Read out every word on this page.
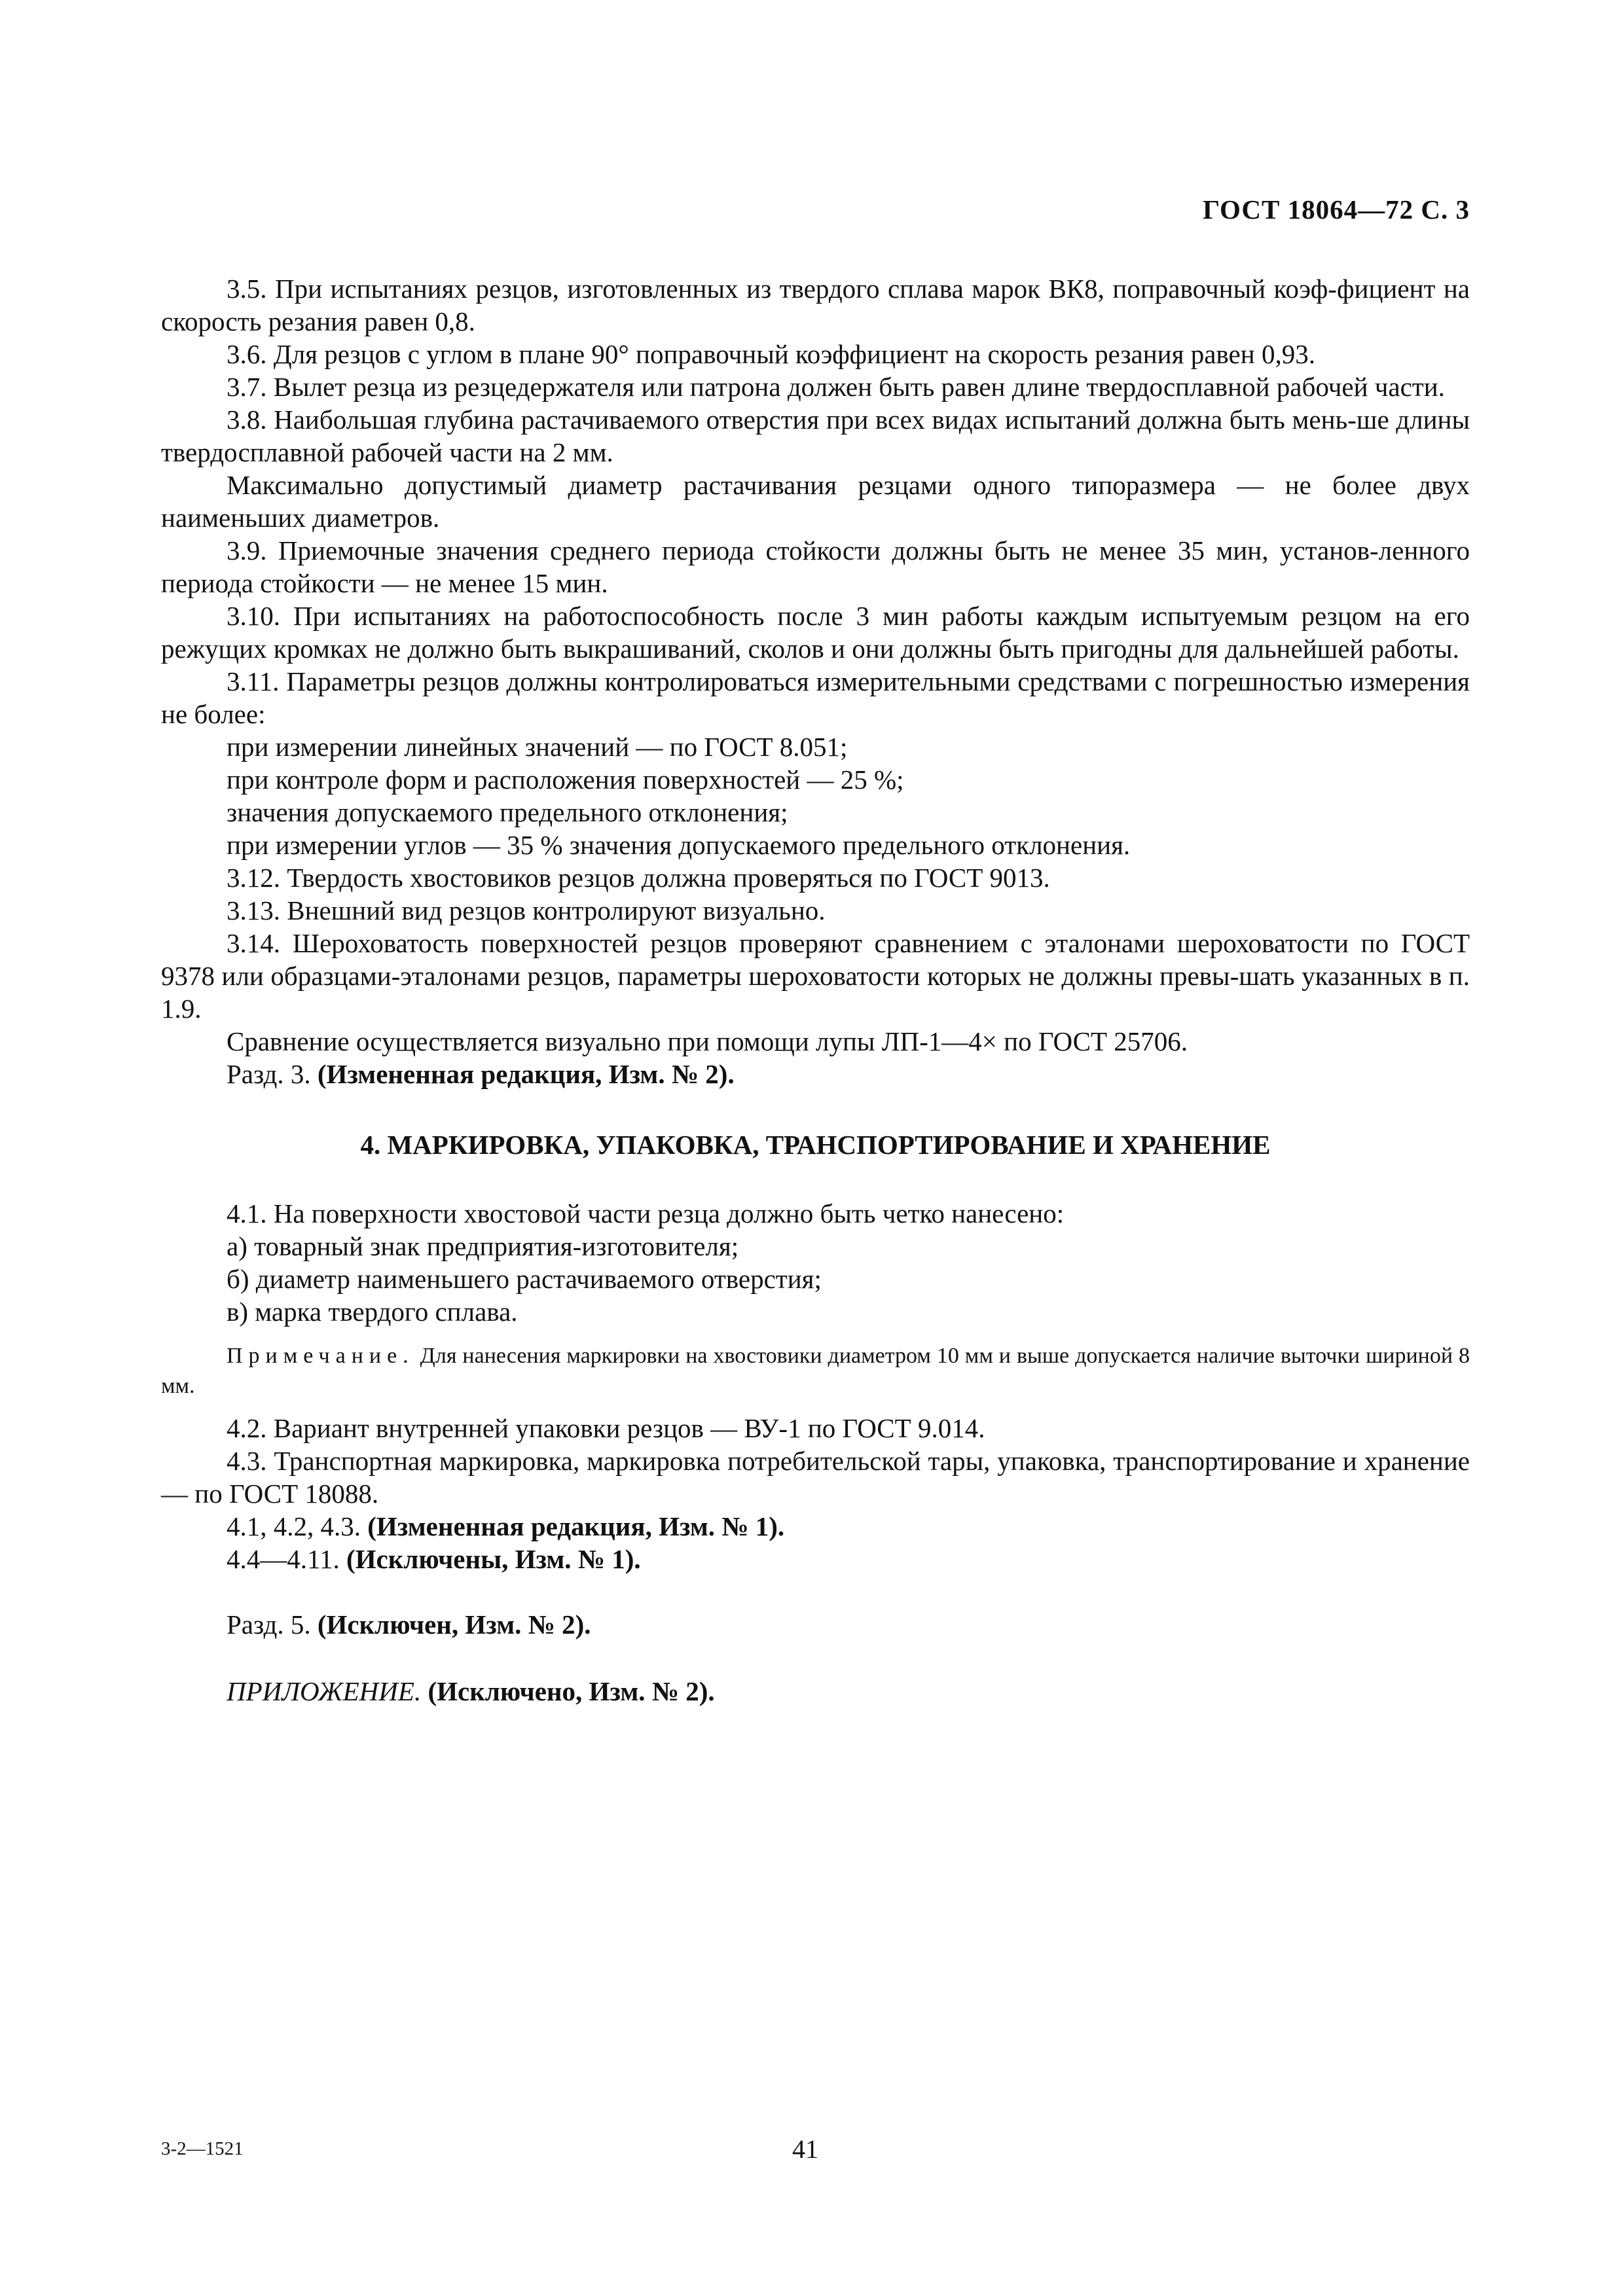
ГОСТ 18064—72 С. 3

3.5. При испытаниях резцов, изготовленных из твердого сплава марок ВК8, поправочный коэф-фициент на скорость резания равен 0,8.

3.6. Для резцов с углом в плане 90° поправочный коэффициент на скорость резания равен 0,93.

3.7. Вылет резца из резцедержателя или патрона должен быть равен длине твердосплавной рабочей части.

3.8. Наибольшая глубина растачиваемого отверстия при всех видах испытаний должна быть мень-ше длины твердосплавной рабочей части на 2 мм.

Максимально допустимый диаметр растачивания резцами одного типоразмера — не более двух наименьших диаметров.

3.9. Приемочные значения среднего периода стойкости должны быть не менее 35 мин, установ-ленного периода стойкости — не менее 15 мин.

3.10. При испытаниях на работоспособность после 3 мин работы каждым испытуемым резцом на его режущих кромках не должно быть выкрашиваний, сколов и они должны быть пригодны для дальнейшей работы.

3.11. Параметры резцов должны контролироваться измерительными средствами с погрешностью измерения не более:

при измерении линейных значений — по ГОСТ 8.051;

при контроле форм и расположения поверхностей — 25 %;

значения допускаемого предельного отклонения;

при измерении углов — 35 % значения допускаемого предельного отклонения.

3.12. Твердость хвостовиков резцов должна проверяться по ГОСТ 9013.

3.13. Внешний вид резцов контролируют визуально.

3.14. Шероховатость поверхностей резцов проверяют сравнением с эталонами шероховатости по ГОСТ 9378 или образцами-эталонами резцов, параметры шероховатости которых не должны превы-шать указанных в п. 1.9.

Сравнение осуществляется визуально при помощи лупы ЛП-1—4× по ГОСТ 25706.

Разд. 3. (Измененная редакция, Изм. № 2).

4. МАРКИРОВКА, УПАКОВКА, ТРАНСПОРТИРОВАНИЕ И ХРАНЕНИЕ

4.1. На поверхности хвостовой части резца должно быть четко нанесено:

а) товарный знак предприятия-изготовителя;

б) диаметр наименьшего растачиваемого отверстия;

в) марка твердого сплава.

Примечание. Для нанесения маркировки на хвостовики диаметром 10 мм и выше допускается наличие выточки шириной 8 мм.

4.2. Вариант внутренней упаковки резцов — ВУ-1 по ГОСТ 9.014.

4.3. Транспортная маркировка, маркировка потребительской тары, упаковка, транспортирование и хранение — по ГОСТ 18088.

4.1, 4.2, 4.3. (Измененная редакция, Изм. № 1).

4.4—4.11. (Исключены, Изм. № 1).

Разд. 5. (Исключен, Изм. № 2).

ПРИЛОЖЕНИЕ. (Исключено, Изм. № 2).

3-2—1521	41
